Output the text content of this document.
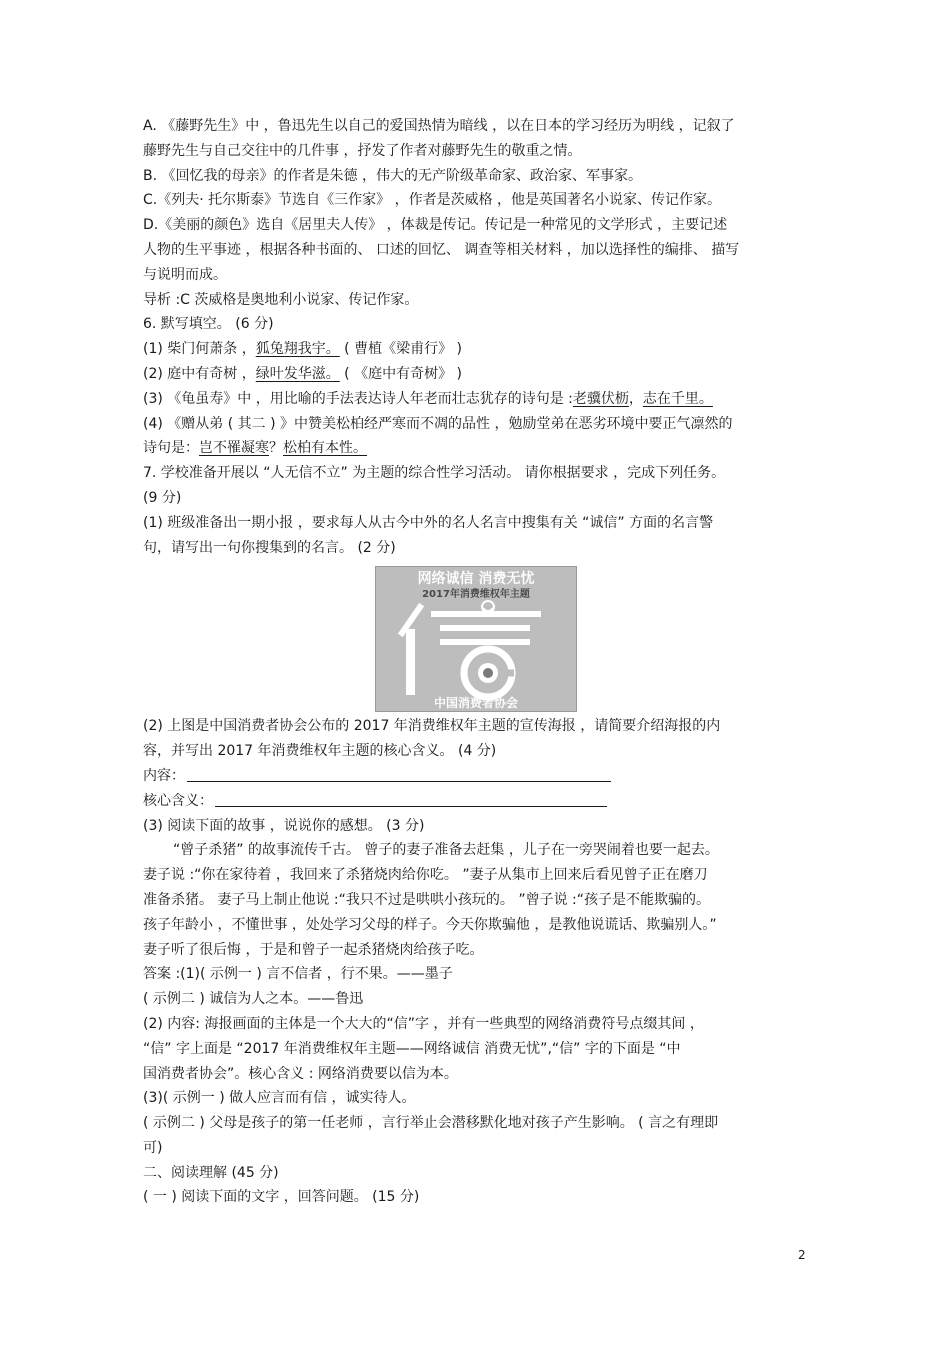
A. 《藤野先生》中 ，鲁迅先生以自己的爱国热情为暗线 ，以在日本的学习经历为明线 ，记叙了
藤野先生与自己交往中的几件事 ，抒发了作者对藤野先生的敬重之情。
B. 《回忆我的母亲》的作者是朱德 ，伟大的无产阶级革命家、政治家、军事家。
C.《列夫· 托尔斯泰》节选自《三作家》 ，作者是茨威格 ，他是英国著名小说家、传记作家。
D.《美丽的颜色》选自《居里夫人传》 ，体裁是传记。传记是一种常见的文学形式 ，主要记述
人物的生平事迹 ，根据各种书面的、 口述的回忆、 调查等相关材料 ，加以选择性的编排、 描写
与说明而成。
导析 :C 茨威格是奥地利小说家、传记作家。
6. 默写填空。 (6 分)
(1) 柴门何萧条 ，狐兔翔我宇。 ( 曹植《梁甫行》 )
(2) 庭中有奇树 ，绿叶发华滋。 ( 《庭中有奇树》 )
(3) 《龟虽寿》中 ，用比喻的手法表达诗人年老而壮志犹存的诗句是 :老骥伏枥，志在千里。
(4) 《赠从弟 ( 其二 ) 》中赞美松柏经严寒而不凋的品性 ，勉励堂弟在恶劣环境中要正气凛然的
诗句是：岂不罹凝寒？松柏有本性。
7. 学校准备开展以 “人无信不立” 为主题的综合性学习活动。 请你根据要求 ，完成下列任务。
(9 分)
(1) 班级准备出一期小报 ，要求每人从古今中外的名人名言中搜集有关 “诚信” 方面的名言警
句，请写出一句你搜集到的名言。 (2 分)
网络诚信 消费无忧
2017年消费维权年主题
中国消费者协会
(2) 上图是中国消费者协会公布的 2017 年消费维权年主题的宣传海报 ，请简要介绍海报的内
容，并写出 2017 年消费维权年主题的核心含义。 (4 分)
内容：
核心含义：
(3) 阅读下面的故事 ，说说你的感想。 (3 分)
“曾子杀猪” 的故事流传千古。 曾子的妻子准备去赶集 ，儿子在一旁哭闹着也要一起去。
妻子说 :“你在家待着 ，我回来了杀猪烧肉给你吃。 ”妻子从集市上回来后看见曾子正在磨刀
准备杀猪。 妻子马上制止他说 :“我只不过是哄哄小孩玩的。 ”曾子说 :“孩子是不能欺骗的。
孩子年龄小 ，不懂世事 ，处处学习父母的样子。今天你欺骗他 ，是教他说谎话、欺骗别人。”
妻子听了很后悔 ，于是和曾子一起杀猪烧肉给孩子吃。
答案 :(1)( 示例一 ) 言不信者 ，行不果。——墨子
( 示例二 ) 诚信为人之本。——鲁迅
(2) 内容: 海报画面的主体是一个大大的“信”字 ，并有一些典型的网络消费符号点缀其间 ，
“信” 字上面是 “2017 年消费维权年主题——网络诚信 消费无忧”,“信” 字的下面是 “中
国消费者协会”。核心含义 : 网络消费要以信为本。
(3)( 示例一 ) 做人应言而有信 ，诚实待人。
( 示例二 ) 父母是孩子的第一任老师 ，言行举止会潜移默化地对孩子产生影响。 ( 言之有理即
可)
二、阅读理解 (45 分)
( 一 ) 阅读下面的文字 ，回答问题。 (15 分)
2
